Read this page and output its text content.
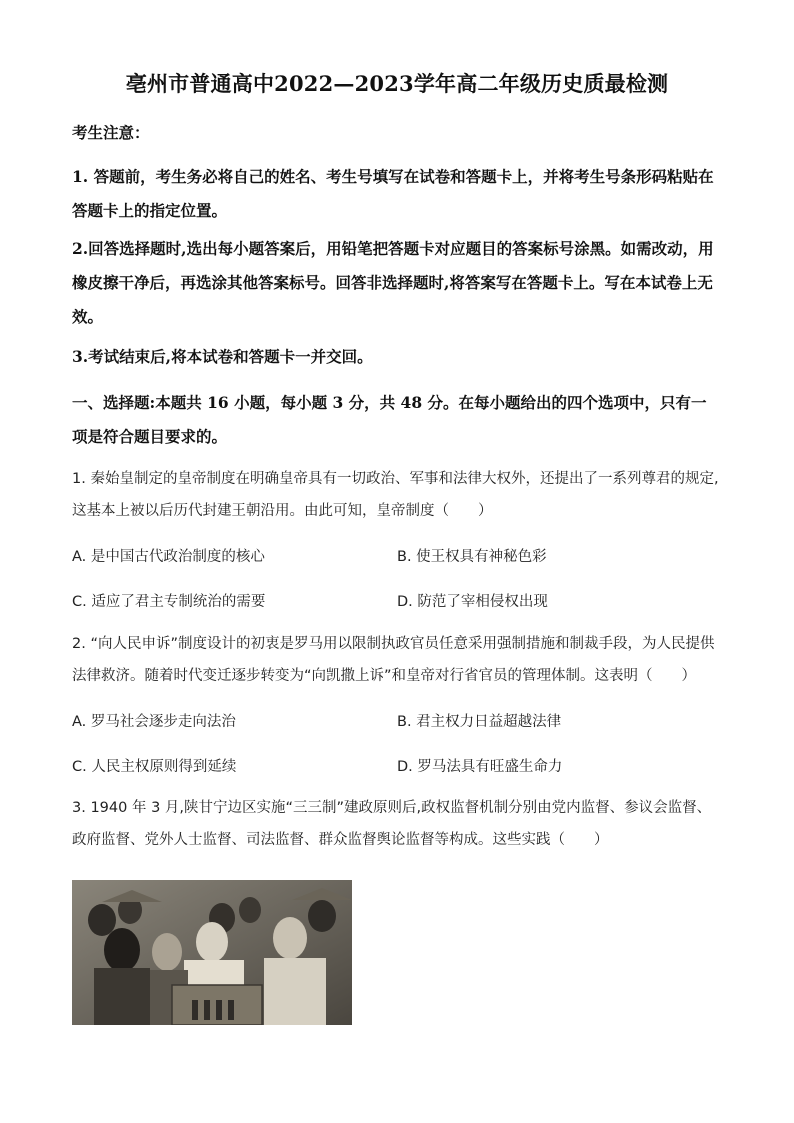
亳州市普通高中2022—2023学年高二年级历史质最检测
考生注意：
1. 答题前，考生务必将自己的姓名、考生号填写在试卷和答题卡上，并将考生号条形码粘贴在答题卡上的指定位置。
2.回答选择题时,选出每小题答案后，用铅笔把答题卡对应题目的答案标号涂黑。如需改动，用橡皮擦干净后，再选涂其他答案标号。回答非选择题时,将答案写在答题卡上。写在本试卷上无效。
3.考试结束后,将本试卷和答题卡一并交回。
一、选择题:本题共 16 小题，每小题 3 分，共 48 分。在每小题给出的四个选项中，只有一项是符合题目要求的。
1. 秦始皇制定的皇帝制度在明确皇帝具有一切政治、军事和法律大权外，还提出了一系列尊君的规定,这基本上被以后历代封建王朝沿用。由此可知，皇帝制度（　　）
A. 是中国古代政治制度的核心	B. 使王权具有神秘色彩
C. 适应了君主专制统治的需要	D. 防范了宰相侵权出现
2. “向人民申诉”制度设计的初衷是罗马用以限制执政官员任意采用强制措施和制裁手段，为人民提供法律救济。随着时代变迁逐步转变为“向凯撒上诉”和皇帝对行省官员的管理体制。这表明（　　）
A. 罗马社会逐步走向法治	B. 君主权力日益超越法律
C. 人民主权原则得到延续	D. 罗马法具有旺盛生命力
3. 1940 年 3 月,陕甘宁边区实施“三三制”建政原则后,政权监督机制分别由党内监督、参议会监督、政府监督、党外人士监督、司法监督、群众监督舆论监督等构成。这些实践（　　）
